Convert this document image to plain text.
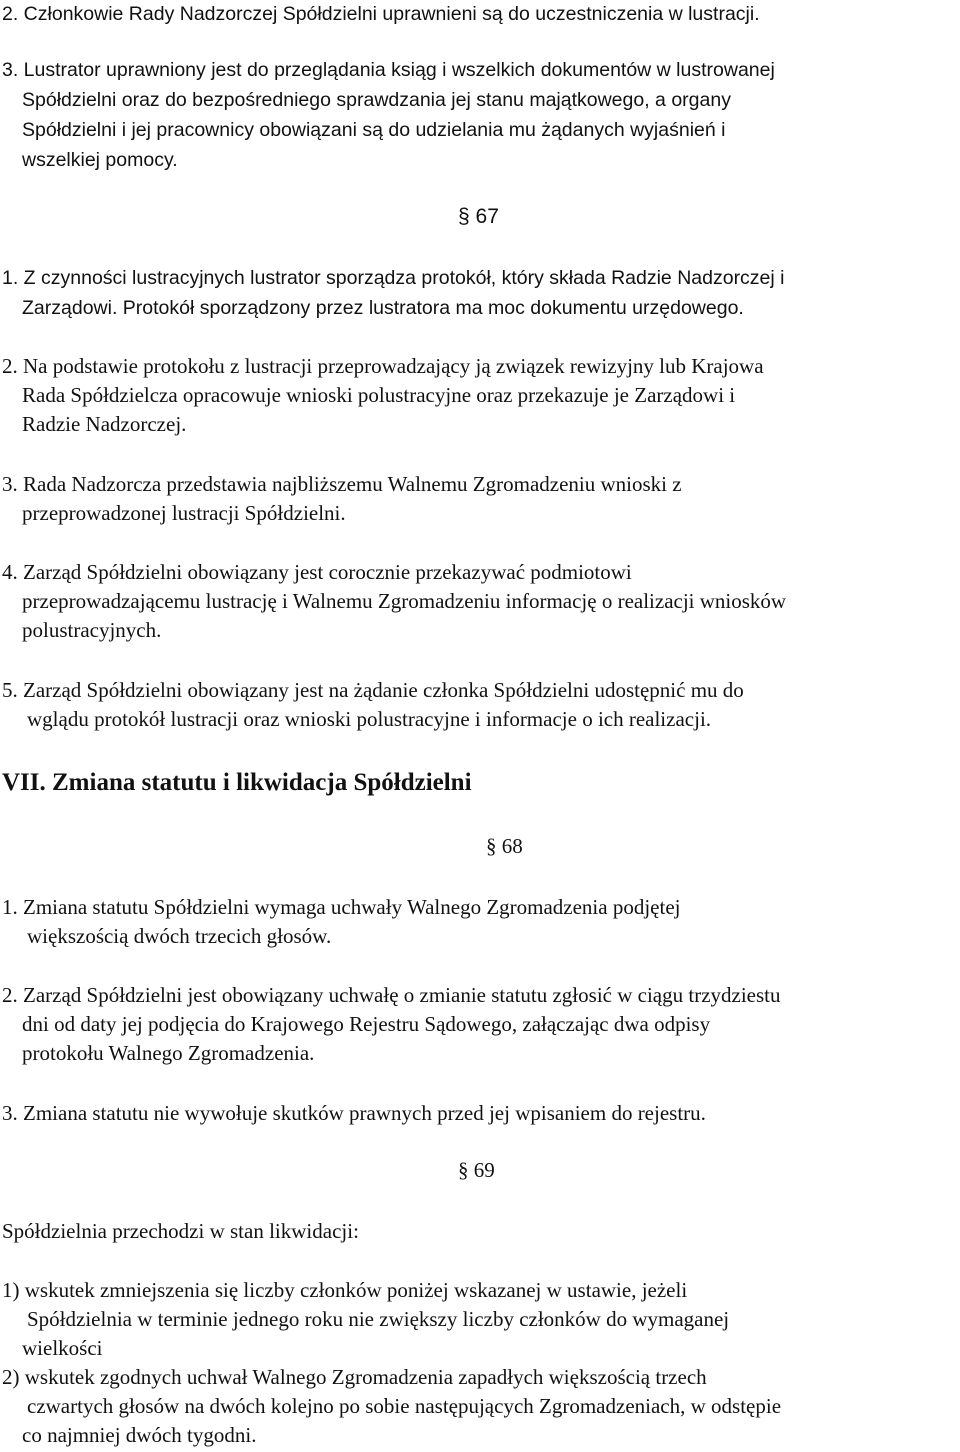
2. Członkowie Rady Nadzorczej Spółdzielni uprawnieni są do uczestniczenia w lustracji.
3. Lustrator uprawniony jest do przeglądania ksiąg i wszelkich dokumentów w lustrowanej
Spółdzielni oraz do bezpośredniego sprawdzania jej stanu majątkowego, a organy
Spółdzielni i jej pracownicy obowiązani są do udzielania mu żądanych wyjaśnień i
wszelkiej pomocy.
§ 67
1. Z czynności lustracyjnych lustrator sporządza protokół, który składa Radzie Nadzorczej i
Zarządowi. Protokół sporządzony przez lustratora ma moc dokumentu urzędowego.
2. Na podstawie protokołu z lustracji przeprowadzający ją związek rewizyjny lub Krajowa
Rada Spółdzielcza opracowuje wnioski polustracyjne oraz przekazuje je Zarządowi i
Radzie Nadzorczej.
3. Rada Nadzorcza przedstawia najbliższemu Walnemu Zgromadzeniu wnioski z
przeprowadzonej lustracji Spółdzielni.
4. Zarząd Spółdzielni obowiązany jest corocznie przekazywać podmiotowi
przeprowadzającemu lustrację i Walnemu Zgromadzeniu informację o realizacji wniosków
polustracyjnych.
5. Zarząd Spółdzielni obowiązany jest na żądanie członka Spółdzielni udostępnić mu do
wglądu protokół lustracji oraz wnioski polustracyjne i informacje o ich realizacji.
VII. Zmiana statutu i likwidacja Spółdzielni
§ 68
1. Zmiana statutu Spółdzielni wymaga uchwały Walnego Zgromadzenia podjętej
większością dwóch trzecich głosów.
2. Zarząd Spółdzielni jest obowiązany uchwałę o zmianie statutu zgłosić w ciągu trzydziestu
dni od daty jej podjęcia do Krajowego Rejestru Sądowego, załączając dwa odpisy
protokołu Walnego Zgromadzenia.
3. Zmiana statutu nie wywołuje skutków prawnych przed jej wpisaniem do rejestru.
§ 69
Spółdzielnia przechodzi w stan likwidacji:
1) wskutek zmniejszenia się liczby członków poniżej wskazanej w ustawie, jeżeli
Spółdzielnia w terminie jednego roku nie zwiększy liczby członków do wymaganej
wielkości
2) wskutek zgodnych uchwał Walnego Zgromadzenia zapadłych większością trzech
czwartych głosów na dwóch kolejno po sobie następujących Zgromadzeniach, w odstępie
co najmniej dwóch tygodni.
